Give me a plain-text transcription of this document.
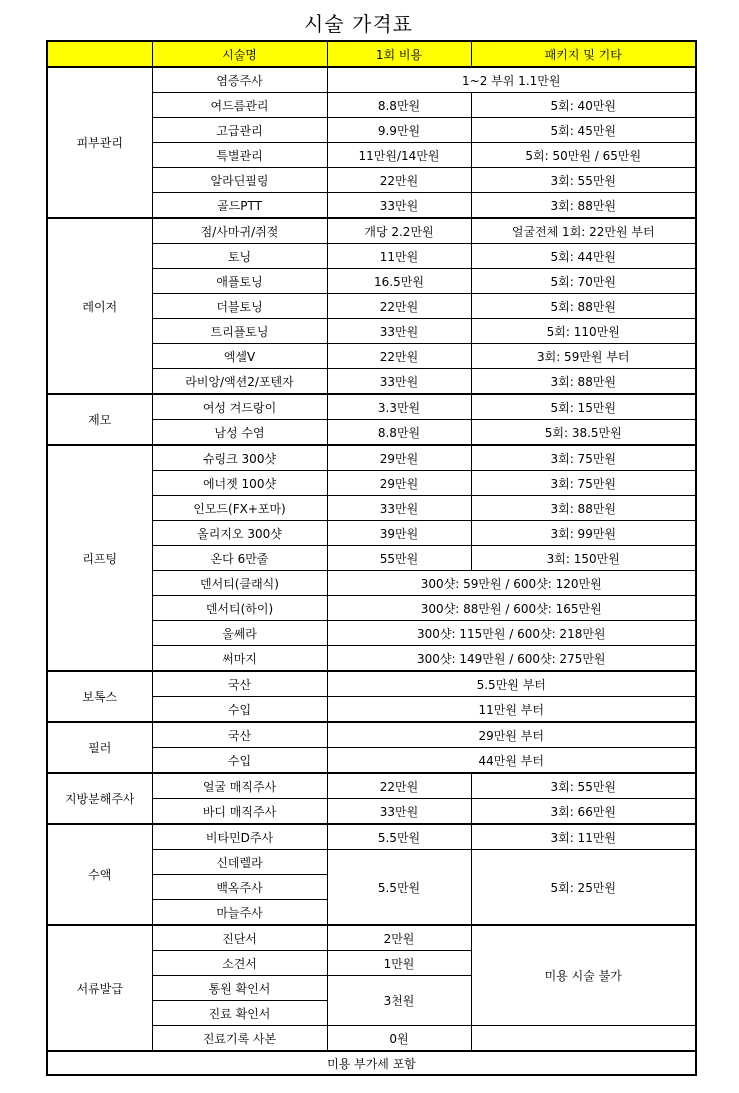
시술 가격표
	시술명	1회 비용	패키지 및 기타
피부관리	염증주사	1~2 부위 1.1만원	
	여드름관리	8.8만원	5회: 40만원
	고급관리	9.9만원	5회: 45만원
	특별관리	11만원/14만원	5회: 50만원 / 65만원
	알라딘필링	22만원	3회: 55만원
	골드PTT	33만원	3회: 88만원
레이저	점/사마귀/쥐젖	개당 2.2만원	얼굴전체 1회: 22만원 부터
	토닝	11만원	5회: 44만원
	애플토닝	16.5만원	5회: 70만원
	더블토닝	22만원	5회: 88만원
	트리플토닝	33만원	5회: 110만원
	엑셀V	22만원	3회: 59만원 부터
	라비앙/액션2/포텐자	33만원	3회: 88만원
제모	여성 겨드랑이	3.3만원	5회: 15만원
	남성 수염	8.8만원	5회: 38.5만원
리프팅	슈링크 300샷	29만원	3회: 75만원
	에너젯 100샷	29만원	3회: 75만원
	인모드(FX+포마)	33만원	3회: 88만원
	올리지오 300샷	39만원	3회: 99만원
	온다 6만줄	55만원	3회: 150만원
	덴서티(클래식)	300샷: 59만원 / 600샷: 120만원	
	덴서티(하이)	300샷: 88만원 / 600샷: 165만원	
	울쎄라	300샷: 115만원 / 600샷: 218만원	
	써마지	300샷: 149만원 / 600샷: 275만원	
보톡스	국산	5.5만원 부터	
	수입	11만원 부터	
필러	국산	29만원 부터	
	수입	44만원 부터	
지방분해주사	얼굴 매직주사	22만원	3회: 55만원
	바디 매직주사	33만원	3회: 66만원
수액	비타민D주사	5.5만원	3회: 11만원
	신데렐라	5.5만원	5회: 25만원
	백옥주사		
	마늘주사		
서류발급	진단서	2만원	미용 시술 불가
	소견서	1만원	
	통원 확인서	3천원	
	진료 확인서		
	진료기록 사본	0원	
미용 부가세 포함			
